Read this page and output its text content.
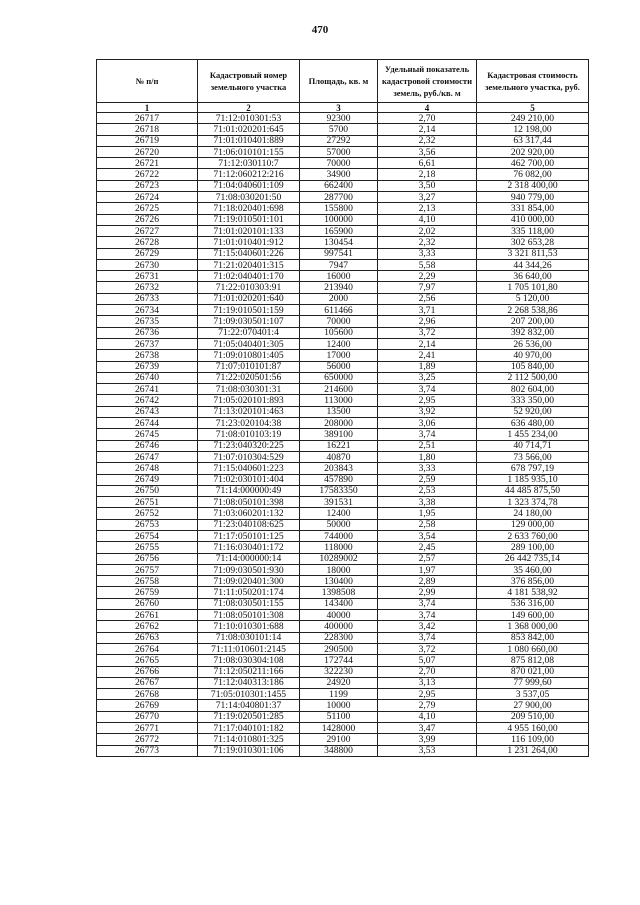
470
№ п/п	Кадастровый номер земельного участка	Площадь, кв. м	Удельный показатель кадастровой стоимости земель, руб./кв. м	Кадастровая стоимость земельного участка, руб.
1	2	3	4	5
26717	71:12:010301:53	92300	2,70	249 210,00
26718	71:01:020201:645	5700	2,14	12 198,00
26719	71:01:010401:889	27292	2,32	63 317,44
26720	71:06:010101:155	57000	3,56	202 920,00
26721	71:12:030110:7	70000	6,61	462 700,00
26722	71:12:060212:216	34900	2,18	76 082,00
26723	71:04:040601:109	662400	3,50	2 318 400,00
26724	71:08:030201:50	287700	3,27	940 779,00
26725	71:18:020401:698	155800	2,13	331 854,00
26726	71:19:010501:101	100000	4,10	410 000,00
26727	71:01:020101:133	165900	2,02	335 118,00
26728	71:01:010401:912	130454	2,32	302 653,28
26729	71:15:040601:226	997541	3,33	3 321 811,53
26730	71:21:020401:315	7947	5,58	44 344,26
26731	71:02:040401:170	16000	2,29	36 640,00
26732	71:22:010303:91	213940	7,97	1 705 101,80
26733	71:01:020201:640	2000	2,56	5 120,00
26734	71:19:010501:159	611466	3,71	2 268 538,86
26735	71:09:030501:107	70000	2,96	207 200,00
26736	71:22:070401:4	105600	3,72	392 832,00
26737	71:05:040401:305	12400	2,14	26 536,00
26738	71:09:010801:405	17000	2,41	40 970,00
26739	71:07:010101:87	56000	1,89	105 840,00
26740	71:22:020501:56	650000	3,25	2 112 500,00
26741	71:08:030301:31	214600	3,74	802 604,00
26742	71:05:020101:893	113000	2,95	333 350,00
26743	71:13:020101:463	13500	3,92	52 920,00
26744	71:23:020104:38	208000	3,06	636 480,00
26745	71:08:010103:19	389100	3,74	1 455 234,00
26746	71:23:040320:225	16221	2,51	40 714,71
26747	71:07:010304:529	40870	1,80	73 566,00
26748	71:15:040601:223	203843	3,33	678 797,19
26749	71:02:030101:404	457890	2,59	1 185 935,10
26750	71:14:000000:49	17583350	2,53	44 485 875,50
26751	71:08:050101:398	391531	3,38	1 323 374,78
26752	71:03:060201:132	12400	1,95	24 180,00
26753	71:23:040108:625	50000	2,58	129 000,00
26754	71:17:050101:125	744000	3,54	2 633 760,00
26755	71:16:030401:172	118000	2,45	289 100,00
26756	71:14:000000:14	10289002	2,57	26 442 735,14
26757	71:09:030501:930	18000	1,97	35 460,00
26758	71:09:020401:300	130400	2,89	376 856,00
26759	71:11:050201:174	1398508	2,99	4 181 538,92
26760	71:08:030501:155	143400	3,74	536 316,00
26761	71:08:050101:308	40000	3,74	149 600,00
26762	71:10:010301:688	400000	3,42	1 368 000,00
26763	71:08:030101:14	228300	3,74	853 842,00
26764	71:11:010601:2145	290500	3,72	1 080 660,00
26765	71:08:030304:108	172744	5,07	875 812,08
26766	71:12:050211:166	322230	2,70	870 021,00
26767	71:12:040313:186	24920	3,13	77 999,60
26768	71:05:010301:1455	1199	2,95	3 537,05
26769	71:14:040801:37	10000	2,79	27 900,00
26770	71:19:020501:285	51100	4,10	209 510,00
26771	71:17:040101:182	1428000	3,47	4 955 160,00
26772	71:14:010801:325	29100	3,99	116 109,00
26773	71:19:010301:106	348800	3,53	1 231 264,00
